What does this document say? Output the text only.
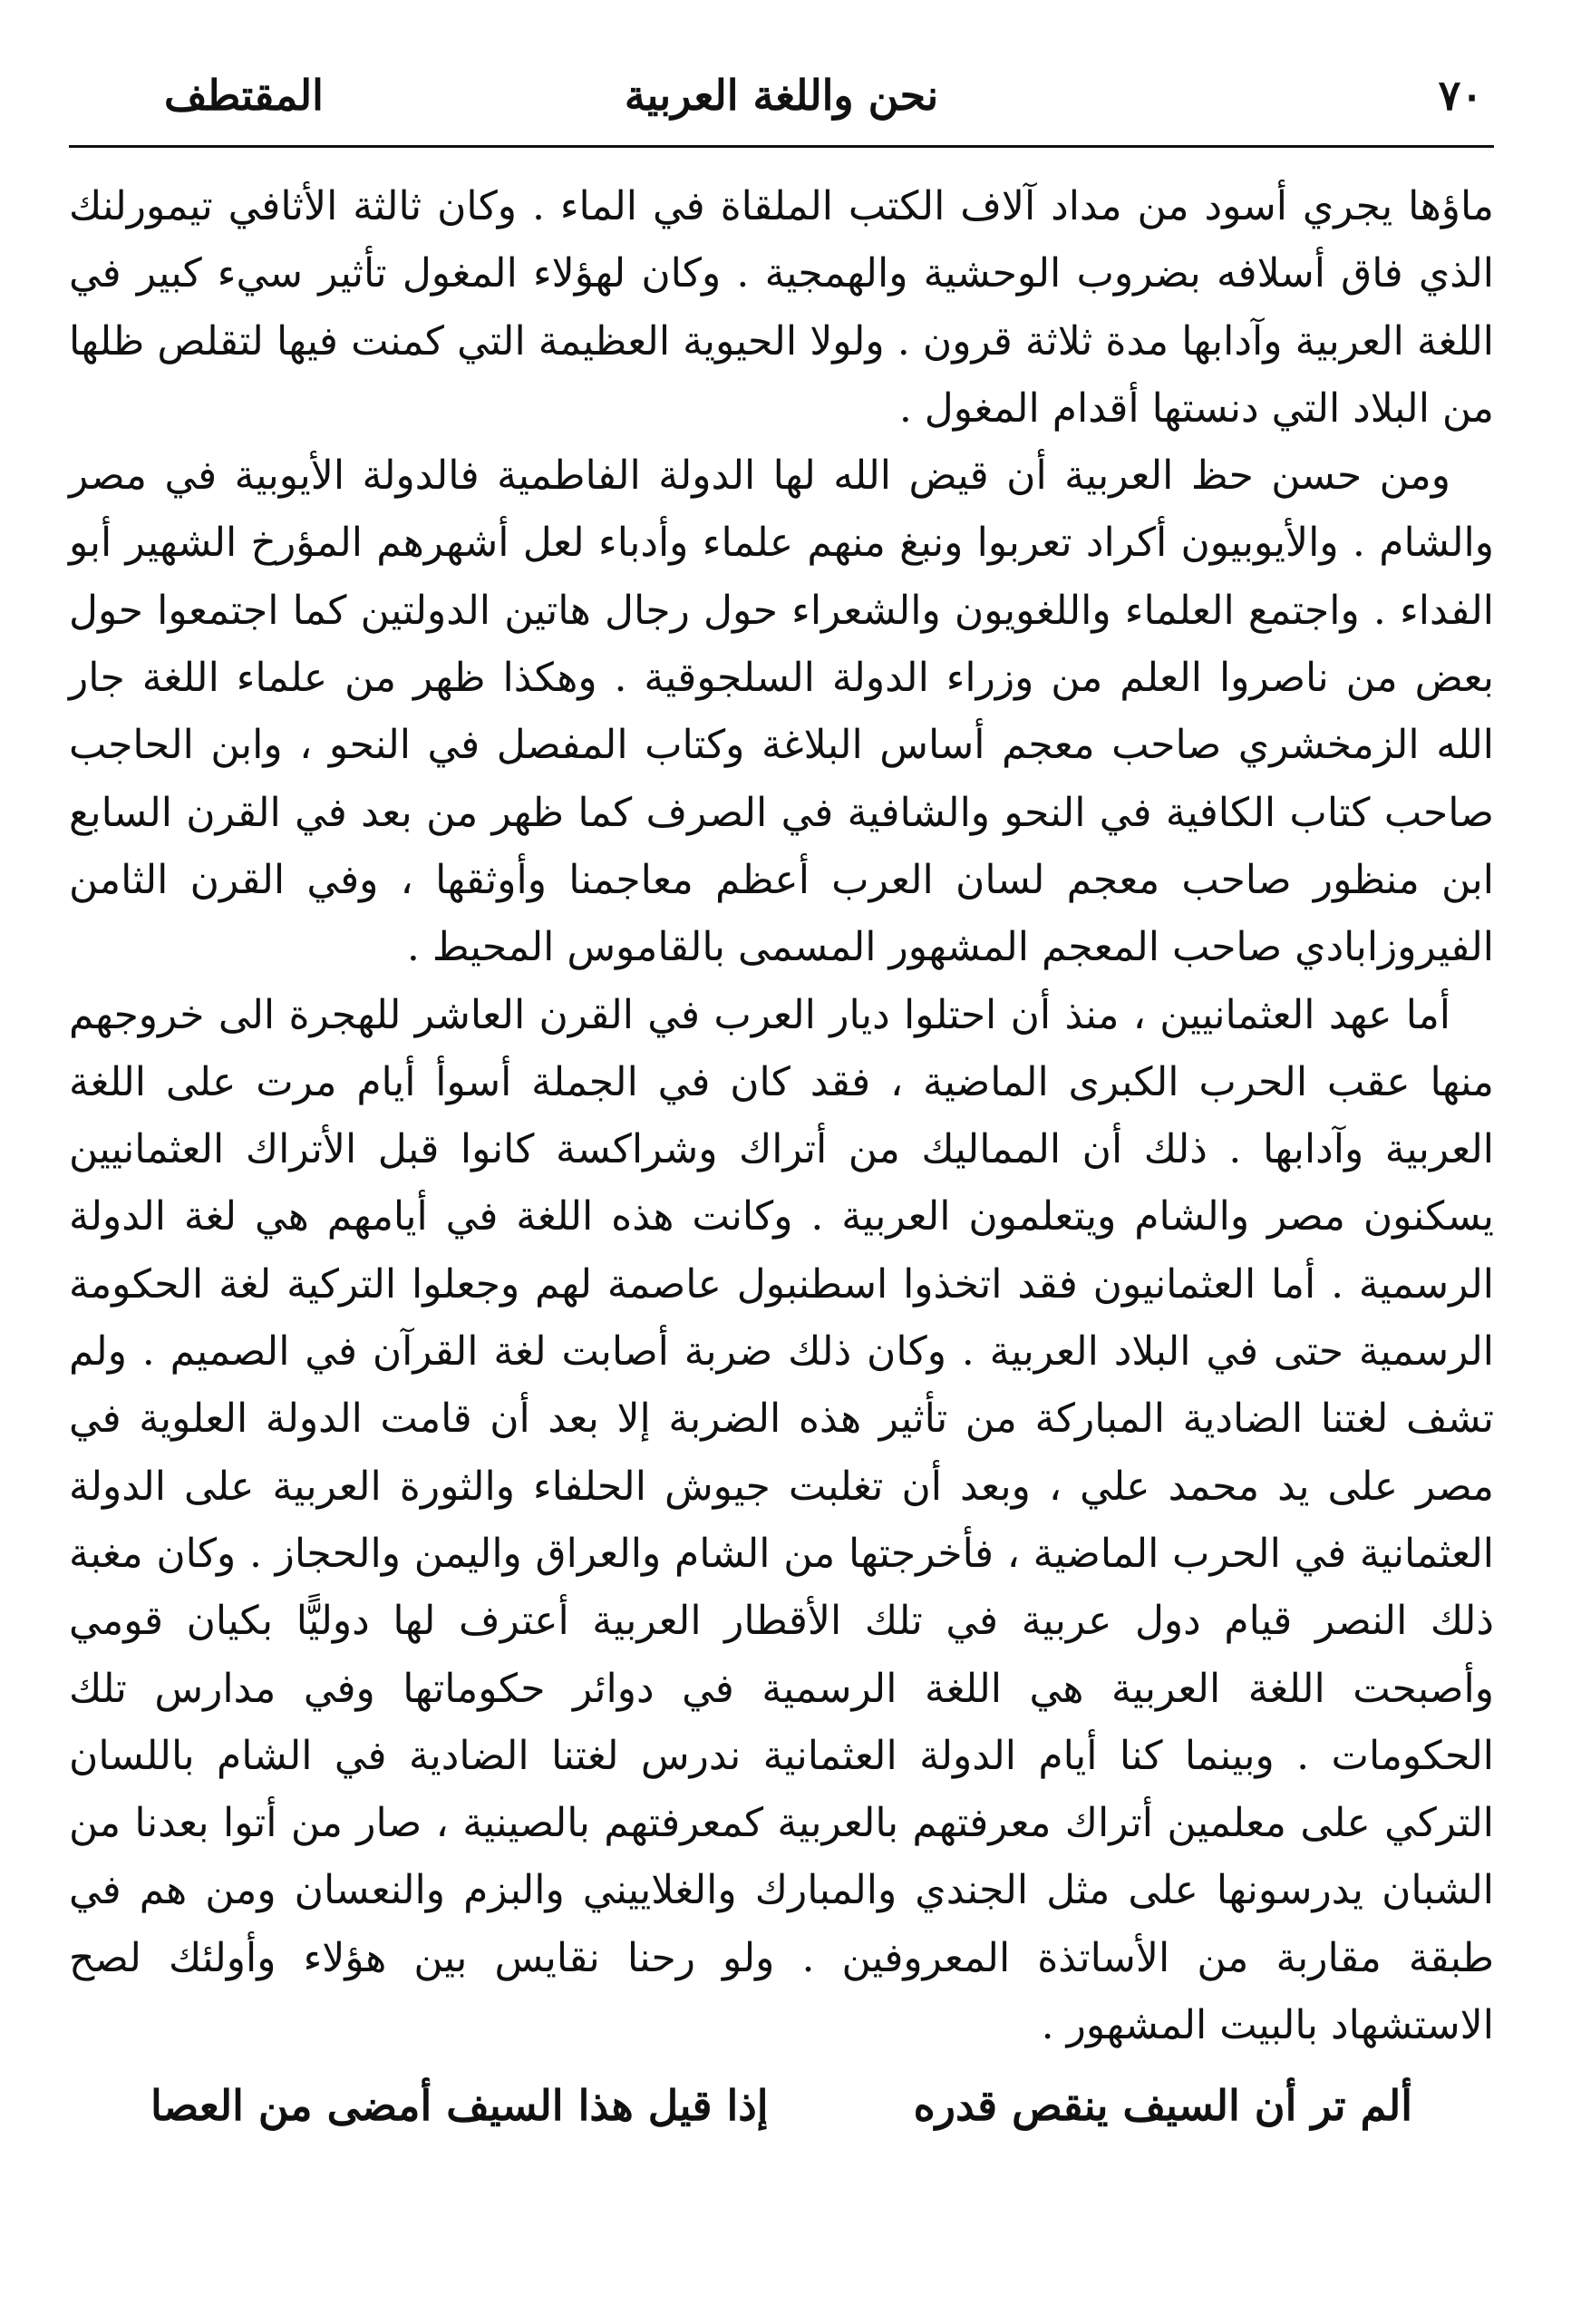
٧٠
نحن واللغة العربية
المقتطف

ماؤها يجري أسود من مداد آلاف الكتب الملقاة في الماء . وكان ثالثة الأثافي تيمورلنك الذي فاق أسلافه بضروب الوحشية والهمجية . وكان لهؤلاء المغول تأثير سيء كبير في اللغة العربية وآدابها مدة ثلاثة قرون . ولولا الحيوية العظيمة التي كمنت فيها لتقلص ظلها من البلاد التي دنستها أقدام المغول .

ومن حسن حظ العربية أن قيض الله لها الدولة الفاطمية فالدولة الأيوبية في مصر والشام . والأيوبيون أكراد تعربوا ونبغ منهم علماء وأدباء لعل أشهرهم المؤرخ الشهير أبو الفداء . واجتمع العلماء واللغويون والشعراء حول رجال هاتين الدولتين كما اجتمعوا حول بعض من ناصروا العلم من وزراء الدولة السلجوقية . وهكذا ظهر من علماء اللغة جار الله الزمخشري صاحب معجم أساس البلاغة وكتاب المفصل في النحو ، وابن الحاجب صاحب كتاب الكافية في النحو والشافية في الصرف كما ظهر من بعد في القرن السابع ابن منظور صاحب معجم لسان العرب أعظم معاجمنا وأوثقها ، وفي القرن الثامن الفيروزابادي صاحب المعجم المشهور المسمى بالقاموس المحيط .

أما عهد العثمانيين ، منذ أن احتلوا ديار العرب في القرن العاشر للهجرة الى خروجهم منها عقب الحرب الكبرى الماضية ، فقد كان في الجملة أسوأ أيام مرت على اللغة العربية وآدابها . ذلك أن المماليك من أتراك وشراكسة كانوا قبل الأتراك العثمانيين يسكنون مصر والشام ويتعلمون العربية . وكانت هذه اللغة في أيامهم هي لغة الدولة الرسمية . أما العثمانيون فقد اتخذوا اسطنبول عاصمة لهم وجعلوا التركية لغة الحكومة الرسمية حتى في البلاد العربية . وكان ذلك ضربة أصابت لغة القرآن في الصميم . ولم تشف لغتنا الضادية المباركة من تأثير هذه الضربة إلا بعد أن قامت الدولة العلوية في مصر على يد محمد علي ، وبعد أن تغلبت جيوش الحلفاء والثورة العربية على الدولة العثمانية في الحرب الماضية ، فأخرجتها من الشام والعراق واليمن والحجاز . وكان مغبة ذلك النصر قيام دول عربية في تلك الأقطار العربية أعترف لها دوليًّا بكيان قومي وأصبحت اللغة العربية هي اللغة الرسمية في دوائر حكوماتها وفي مدارس تلك الحكومات . وبينما كنا أيام الدولة العثمانية ندرس لغتنا الضادية في الشام باللسان التركي على معلمين أتراك معرفتهم بالعربية كمعرفتهم بالصينية ، صار من أتوا بعدنا من الشبان يدرسونها على مثل الجندي والمبارك والغلاييني والبزم والنعسان ومن هم في طبقة مقاربة من الأساتذة المعروفين . ولو رحنا نقايس بين هؤلاء وأولئك لصح الاستشهاد بالبيت المشهور .

ألم تر أن السيف ينقص قدره
إذا قيل هذا السيف أمضى من العصا
